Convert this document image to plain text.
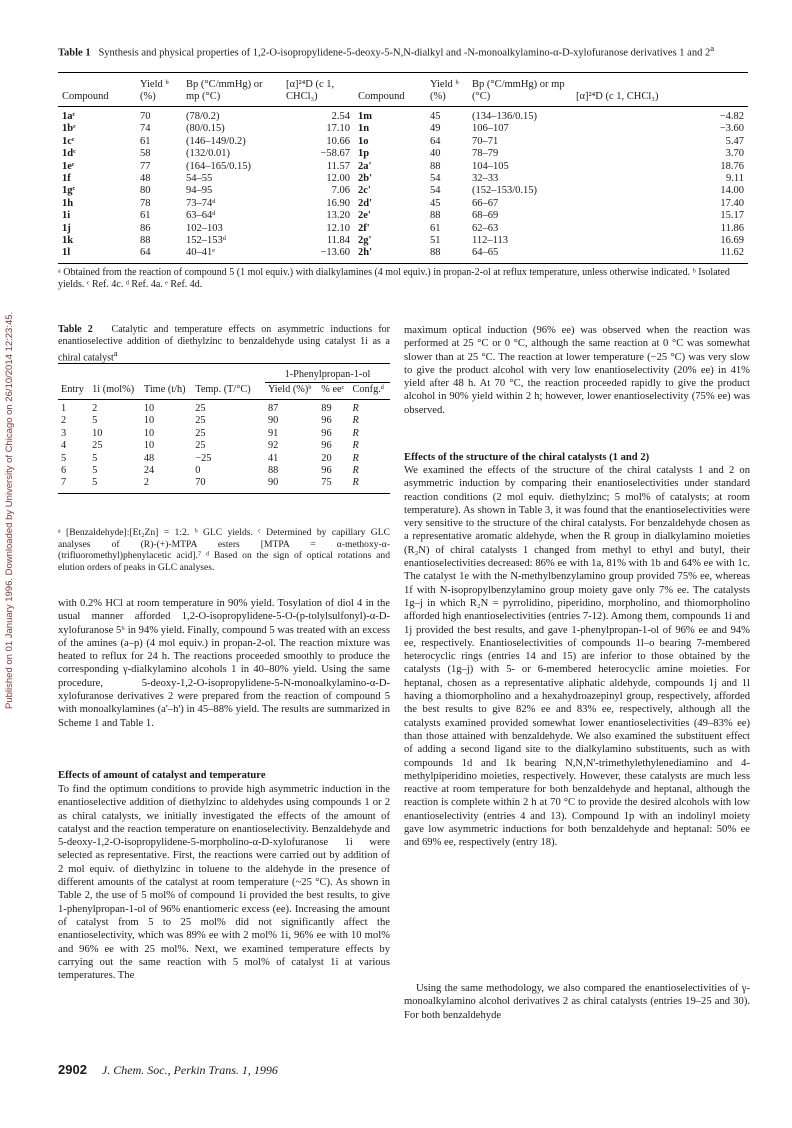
Published on 01 January 1996. Downloaded by University of Chicago on 26/10/2014 12:23:45.
Table 1 Synthesis and physical properties of 1,2-O-isopropylidene-5-deoxy-5-N,N-dialkyl and -N-monoalkylamino-α-D-xylofuranose derivatives 1 and 2$^a$
Compound	Yield ᵇ (%)	Bp (°C/mmHg) or mp (°C)	[α]²⁴D (c 1, CHCl₃)	Compound	Yield ᵇ (%)	Bp (°C/mmHg) or mp (°C)	[α]²⁴D (c 1, CHCl₃)
1aᶜ	70	(78/0.2)	2.54	1m	45	(134–136/0.15)	−4.82
1bᶜ	74	(80/0.15)	17.10	1n	49	106–107	−3.60
1cᶜ	61	(146–149/0.2)	10.66	1o	64	70–71	5.47
1dᶜ	58	(132/0.01)	−58.67	1p	40	78–79	3.70
1eᶜ	77	(164–165/0.15)	11.57	2a'	88	104–105	18.76
1f	48	54–55	12.00	2b'	54	32–33	9.11
1gᶜ	80	94–95	7.06	2c'	54	(152–153/0.15)	14.00
1h	78	73–74ᵈ	16.90	2d'	45	66–67	17.40
1i	61	63–64ᵈ	13.20	2e'	88	68–69	15.17
1j	86	102–103	12.10	2f'	61	62–63	11.86
1k	88	152–153ᵈ	11.84	2g'	51	112–113	16.69
1l	64	40–41ᵉ	−13.60	2h'	88	64–65	11.62
ᵃ Obtained from the reaction of compound 5 (1 mol equiv.) with dialkylamines (4 mol equiv.) in propan-2-ol at reflux temperature, unless otherwise indicated. ᵇ Isolated yields. ᶜ Ref. 4c. ᵈ Ref. 4a. ᵉ Ref. 4d.
Table 2 Catalytic and temperature effects on asymmetric inductions for enantioselective addition of diethylzinc to benzaldehyde using catalyst 1i as a chiral catalyst$^a$
					1-Phenylpropan-1-ol		
Entry	1i (mol%)	Time (t/h)	Temp. (T/°C)		Yield (%)ᵇ	% eeᶜ	Confg.ᵈ
1	2	10	25		87	89	R
2	5	10	25		90	96	R
3	10	10	25		91	96	R
4	25	10	25		92	96	R
5	5	48	−25		41	20	R
6	5	24	0		88	96	R
7	5	2	70		90	75	R
ᵃ [Benzaldehyde]:[Et₂Zn] = 1:2. ᵇ GLC yields. ᶜ Determined by capillary GLC analyses of (R)-(+)-MTPA esters [MTPA = α-methoxy-α-(trifluoromethyl)phenylacetic acid].⁷ ᵈ Based on the sign of optical rotations and elution orders of peaks in GLC analyses.
with 0.2% HCl at room temperature in 90% yield. Tosylation of diol 4 in the usual manner afforded 1,2-O-isopropylidene-5-O-(p-tolylsulfonyl)-α-D-xylofuranose 5⁶ in 94% yield. Finally, compound 5 was treated with an excess of the amines (a–p) (4 mol equiv.) in propan-2-ol. The reaction mixture was heated to reflux for 24 h. The reactions proceeded smoothly to produce the corresponding γ-dialkylamino alcohols 1 in 40–80% yield. Using the same procedure, 5-deoxy-1,2-O-isopropylidene-5-N-monoalkylamino-α-D-xylofuranose derivatives 2 were prepared from the reaction of compound 5 with monoalkylamines (a'–h') in 45–88% yield. The results are summarized in Scheme 1 and Table 1.
Effects of amount of catalyst and temperature
To find the optimum conditions to provide high asymmetric induction in the enantioselective addition of diethylzinc to aldehydes using compounds 1 or 2 as chiral catalysts, we initially investigated the effects of the amount of catalyst and the reaction temperature on enantioselectivity. Benzaldehyde and 5-deoxy-1,2-O-isopropylidene-5-morpholino-α-D-xylofuranose 1i were selected as representative. First, the reactions were carried out by addition of 2 mol equiv. of diethylzinc in toluene to the aldehyde in the presence of different amounts of the catalyst at room temperature (~25 °C). As shown in Table 2, the use of 5 mol% of compound 1i provided the best results, to give 1-phenylpropan-1-ol of 96% enantiomeric excess (ee). Increasing the amount of catalyst from 5 to 25 mol% did not significantly affect the enantioselectivity, which was 89% ee with 2 mol% 1i, 96% ee with 10 mol% and 96% ee with 25 mol%. Next, we examined temperature effects by carrying out the same reaction with 5 mol% of catalyst 1i at various temperatures. The
maximum optical induction (96% ee) was observed when the reaction was performed at 25 °C or 0 °C, although the same reaction at 0 °C was somewhat slower than at 25 °C. The reaction at lower temperature (−25 °C) was very slow to give the product alcohol with very low enantioselectivity (20% ee) in 41% yield after 48 h. At 70 °C, the reaction proceeded rapidly to give the product alcohol in 90% yield within 2 h; however, lower enantioselectivity (75% ee) was observed.
Effects of the structure of the chiral catalysts (1 and 2)
We examined the effects of the structure of the chiral catalysts 1 and 2 on asymmetric induction by comparing their enantioselectivities under standard reaction conditions (2 mol equiv. diethylzinc; 5 mol% of catalysts; at room temperature). As shown in Table 3, it was found that the enantioselectivities were very sensitive to the structure of the chiral catalysts. For benzaldehyde chosen as a representative aromatic aldehyde, when the R group in dialkylamino moieties (R₂N) of chiral catalysts 1 changed from methyl to ethyl and butyl, their enantioselectivities decreased: 86% ee with 1a, 81% with 1b and 64% ee with 1c. The catalyst 1e with the N-methylbenzylamino group provided 75% ee, whereas 1f with N-isopropylbenzylamino group moiety gave only 7% ee. The catalysts 1g–j in which R₂N = pyrrolidino, piperidino, morpholino, and thiomorpholino afforded high enantioselectivities (entries 7-12). Among them, compounds 1i and 1j provided the best results, and gave 1-phenylpropan-1-ol of 96% ee and 94% ee, respectively. Enantioselectivities of compounds 1l–o bearing 7-membered heterocyclic rings (entries 14 and 15) are inferior to those obtained by the catalysts (1g–j) with 5- or 6-membered heterocyclic amine moieties. For heptanal, chosen as a representative aliphatic aldehyde, compounds 1j and 1l having a thiomorpholino and a hexahydroazepinyl group, respectively, afforded the best results to give 82% ee and 83% ee, respectively, although all the catalysts examined provided somewhat lower enantioselectivities (49–83% ee) than those attained with benzaldehyde. We also examined the substituent effect of adding a second ligand site to the dialkylamino substituents, such as with compounds 1d and 1k bearing N,N,N'-trimethylethylenediamino and 4-methylpiperidino moieties, respectively. However, these catalysts are much less reactive at room temperature for both benzaldehyde and heptanal, although the reaction is complete within 2 h at 70 °C to provide the desired alcohols with low enantioselectivity (entries 4 and 13). Compound 1p with an indolinyl moiety gave low asymmetric inductions for both benzaldehyde and heptanal: 50% ee and 69% ee, respectively (entry 18).
Using the same methodology, we also compared the enantioselectivities of γ-monoalkylamino alcohol derivatives 2 as chiral catalysts (entries 19–25 and 30). For both benzaldehyde
2902 J. Chem. Soc., Perkin Trans. 1, 1996
